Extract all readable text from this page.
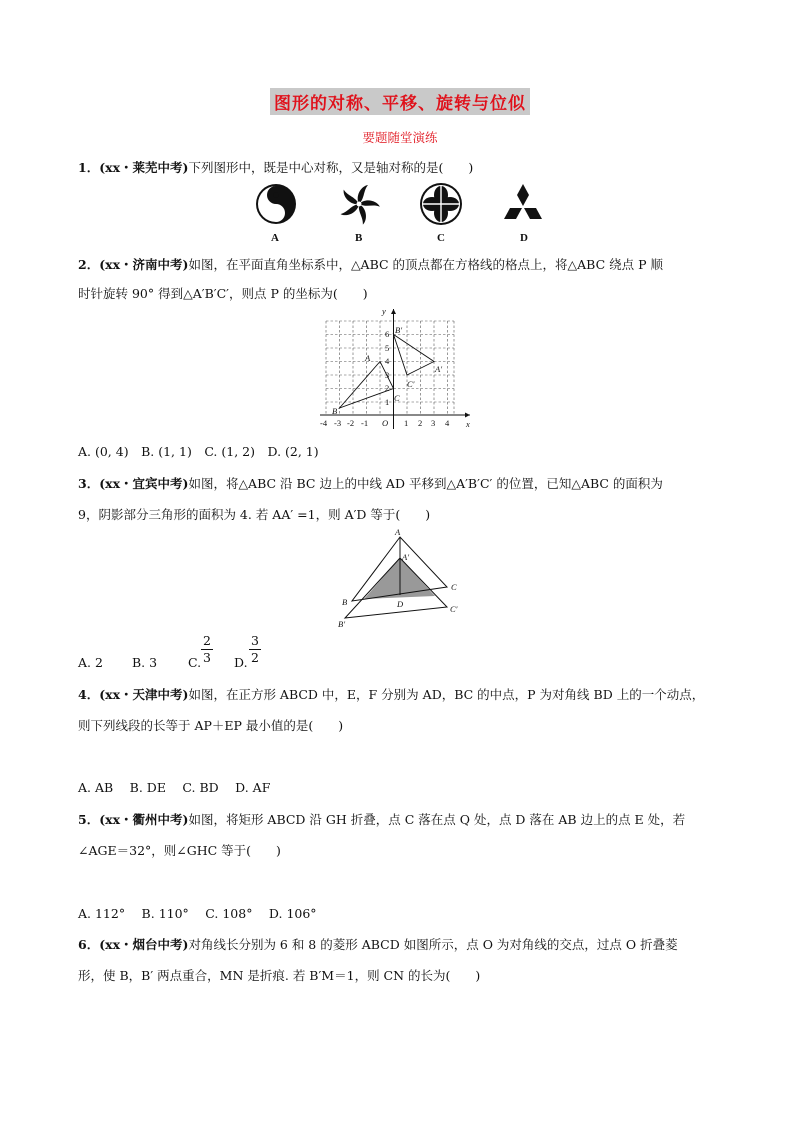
图形的对称、平移、旋转与位似
要题随堂演练
1．(xx・莱芜中考)下列图形中，既是中心对称，又是轴对称的是(　　)
A	B	C	D
2．(xx・济南中考)如图，在平面直角坐标系中，△ABC 的顶点都在方格线的格点上，将△ABC 绕点 P 顺
时针旋转 90° 得到△A′B′C′，则点 P 的坐标为(　　)
-4 -3 -2 -1 O 1 2 3 4 x
1
2
3
4
5
6
y
B
A
C
B′
A′
C′
A. (0, 4)　B. (1, 1)　C. (1, 2)　D. (2, 1)
3．(xx・宜宾中考)如图，将△ABC 沿 BC 边上的中线 AD 平移到△A′B′C′ 的位置，已知△ABC 的面积为
9，阴影部分三角形的面积为 4. 若 AA′ =1，则 A′D 等于(　　)
A
A′
B
B′
C
C′
D
A. 2 B. 3 C.
2
3 D.
3
2
4．(xx・天津中考)如图，在正方形 ABCD 中，E，F 分别为 AD，BC 的中点，P 为对角线 BD 上的一个动点，
则下列线段的长等于 AP＋EP 最小值的是(　　)
A. AB　 B. DE　 C. BD　 D. AF
5．(xx・衢州中考)如图，将矩形 ABCD 沿 GH 折叠，点 C 落在点 Q 处，点 D 落在 AB 边上的点 E 处，若
∠AGE＝32°，则∠GHC 等于(　　)
A. 112°　 B. 110°　 C. 108°　 D. 106°
6．(xx・烟台中考)对角线长分别为 6 和 8 的菱形 ABCD 如图所示，点 O 为对角线的交点，过点 O 折叠菱
形，使 B，B′ 两点重合，MN 是折痕. 若 B′M＝1，则 CN 的长为(　　)
